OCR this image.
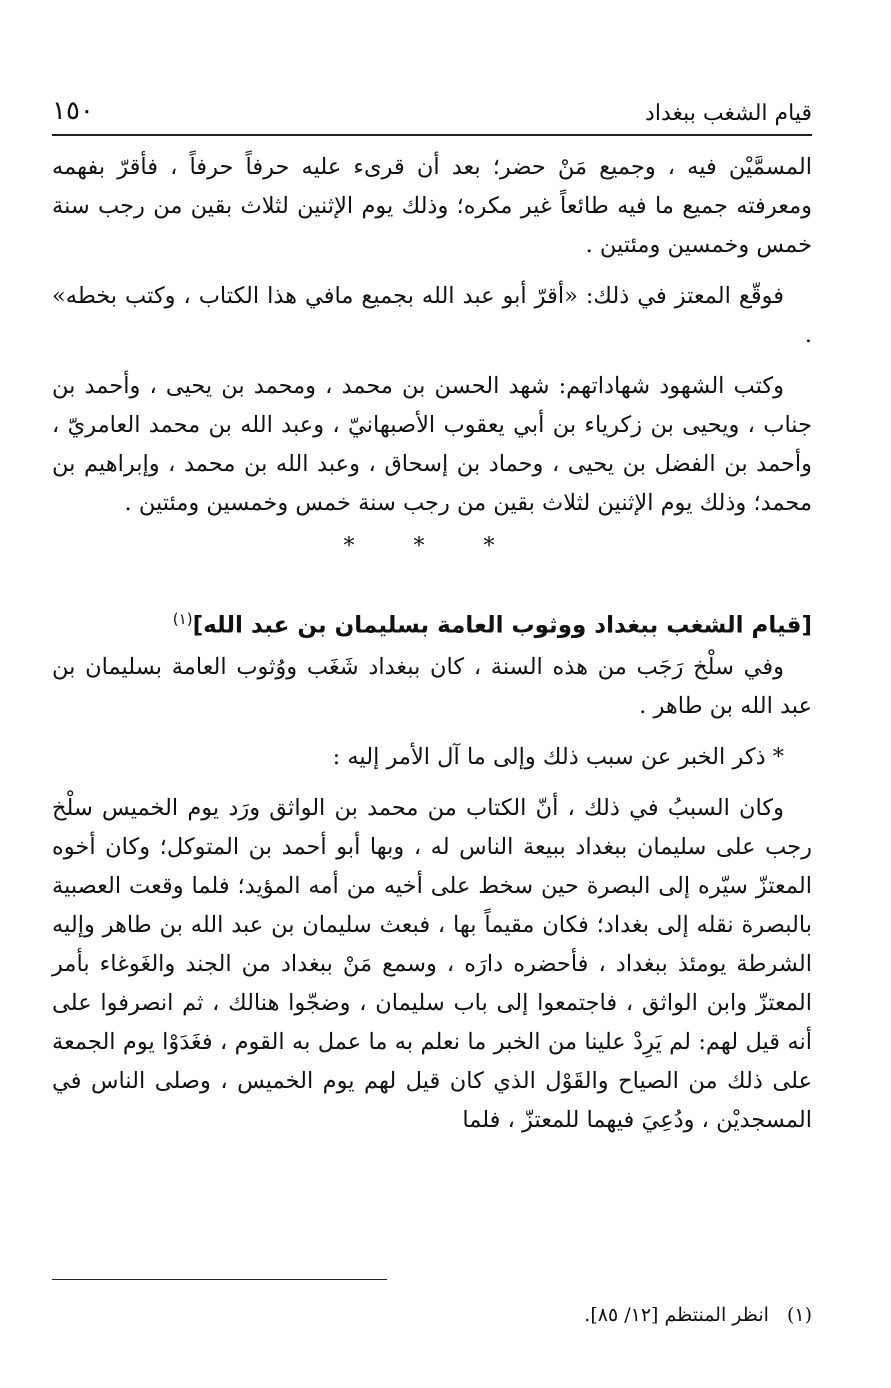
قيام الشغب ببغداد
١٥٠

المسمَّيْن فيه ، وجميع مَنْ حضر؛ بعد أن قرىء عليه حرفاً حرفاً ، فأقرّ بفهمه ومعرفته جميع ما فيه طائعاً غير مكره؛ وذلك يوم الإثنين لثلاث بقين من رجب سنة خمس وخمسين ومئتين .

فوقّع المعتز في ذلك: «أقرّ أبو عبد الله بجميع مافي هذا الكتاب ، وكتب بخطه» .

وكتب الشهود شهاداتهم: شهد الحسن بن محمد ، ومحمد بن يحيى ، وأحمد بن جناب ، ويحيى بن زكرياء بن أبي يعقوب الأصبهانيّ ، وعبد الله بن محمد العامريّ ، وأحمد بن الفضل بن يحيى ، وحماد بن إسحاق ، وعبد الله بن محمد ، وإبراهيم بن محمد؛ وذلك يوم الإثنين لثلاث بقين من رجب سنة خمس وخمسين ومئتين .

* * *
[قيام الشغب ببغداد ووثوب العامة بسليمان بن عبد الله]$^{(١)}$

وفي سلْخ رَجَب من هذه السنة ، كان ببغداد شَغَب ووُثوب العامة بسليمان بن عبد الله بن طاهر .

* ذكر الخبر عن سبب ذلك وإلى ما آل الأمر إليه :

وكان السببُ في ذلك ، أنّ الكتاب من محمد بن الواثق ورَد يوم الخميس سلْخ رجب على سليمان ببغداد ببيعة الناس له ، وبها أبو أحمد بن المتوكل؛ وكان أخوه المعتزّ سيّره إلى البصرة حين سخط على أخيه من أمه المؤيد؛ فلما وقعت العصبية بالبصرة نقله إلى بغداد؛ فكان مقيماً بها ، فبعث سليمان بن عبد الله بن طاهر وإليه الشرطة يومئذ ببغداد ، فأحضره دارَه ، وسمع مَنْ ببغداد من الجند والغَوغاء بأمر المعتزّ وابن الواثق ، فاجتمعوا إلى باب سليمان ، وضجّوا هنالك ، ثم انصرفوا على أنه قيل لهم: لم يَرِدْ علينا من الخبر ما نعلم به ما عمل به القوم ، فغَدَوْا يوم الجمعة على ذلك من الصياح والقَوْل الذي كان قيل لهم يوم الخميس ، وصلى الناس في المسجديْن ، ودُعِيَ فيهما للمعتزّ ، فلما

(١)انظر المنتظم [١٢/ ٨٥].
